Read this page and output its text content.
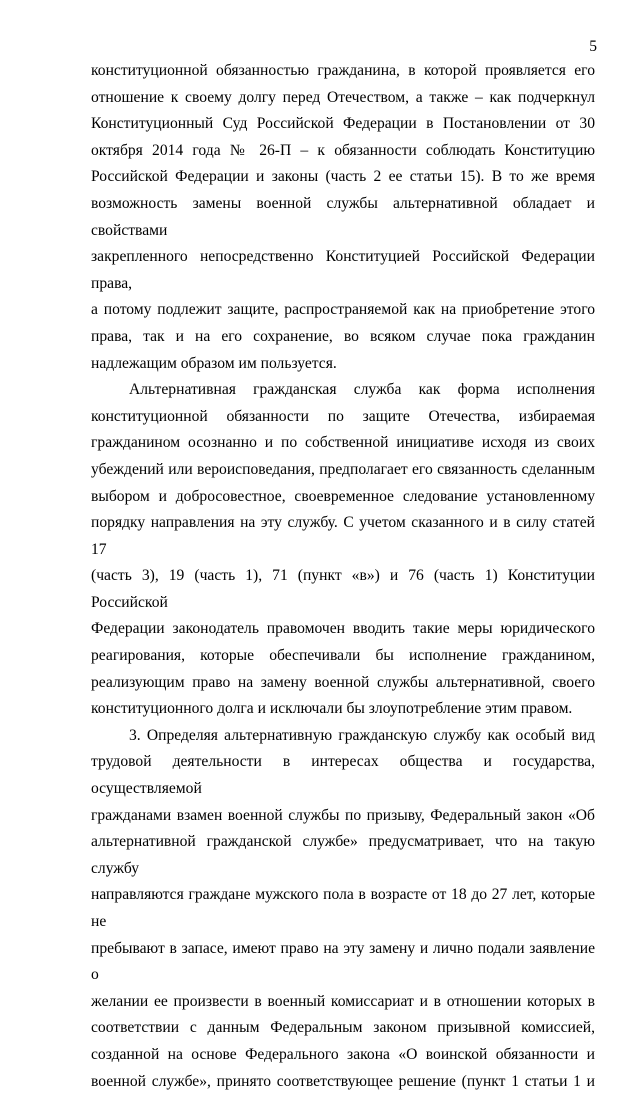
5

конституционной обязанностью гражданина, в которой проявляется его

отношение к своему долгу перед Отечеством, а также – как подчеркнул

Конституционный Суд Российской Федерации в Постановлении от 30

октября 2014 года № 26-П – к обязанности соблюдать Конституцию

Российской Федерации и законы (часть 2 ее статьи 15). В то же время

возможность замены военной службы альтернативной обладает и свойствами

закрепленного непосредственно Конституцией Российской Федерации права,

а потому подлежит защите, распространяемой как на приобретение этого

права, так и на его сохранение, во всяком случае пока гражданин

надлежащим образом им пользуется.

Альтернативная гражданская служба как форма исполнения

конституционной обязанности по защите Отечества, избираемая

гражданином осознанно и по собственной инициативе исходя из своих

убеждений или вероисповедания, предполагает его связанность сделанным

выбором и добросовестное, своевременное следование установленному

порядку направления на эту службу. С учетом сказанного и в силу статей 17

(часть 3), 19 (часть 1), 71 (пункт «в») и 76 (часть 1) Конституции Российской

Федерации законодатель правомочен вводить такие меры юридического

реагирования, которые обеспечивали бы исполнение гражданином,

реализующим право на замену военной службы альтернативной, своего

конституционного долга и исключали бы злоупотребление этим правом.

3. Определяя альтернативную гражданскую службу как особый вид

трудовой деятельности в интересах общества и государства, осуществляемой

гражданами взамен военной службы по призыву, Федеральный закон «Об

альтернативной гражданской службе» предусматривает, что на такую службу

направляются граждане мужского пола в возрасте от 18 до 27 лет, которые не

пребывают в запасе, имеют право на эту замену и лично подали заявление о

желании ее произвести в военный комиссариат и в отношении которых в

соответствии с данным Федеральным законом призывной комиссией,

созданной на основе Федерального закона «О воинской обязанности и

военной службе», принято соответствующее решение (пункт 1 статьи 1 и
